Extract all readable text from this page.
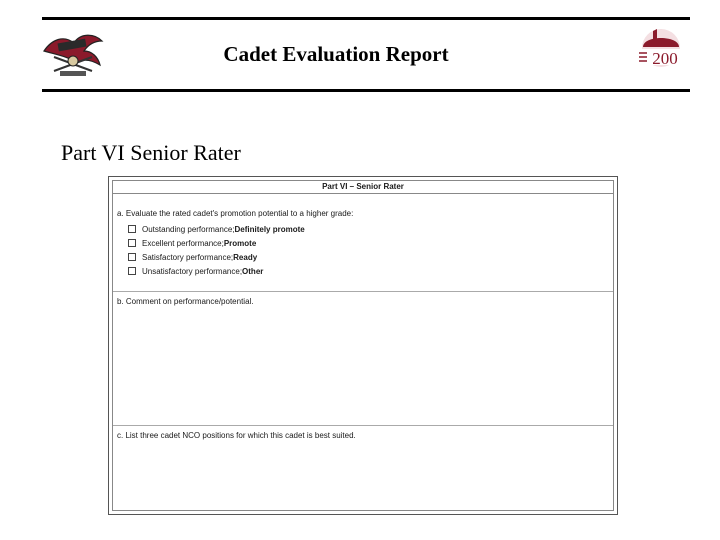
Cadet Evaluation Report	200
Part VI Senior Rater
Part VI – Senior Rater
a. Evaluate the rated cadet's promotion potential to a higher grade:
Outstanding performance; Definitely promote
Excellent performance; Promote
Satisfactory performance; Ready
Unsatisfactory performance; Other
b. Comment on performance/potential.
c. List three cadet NCO positions for which this cadet is best suited.
